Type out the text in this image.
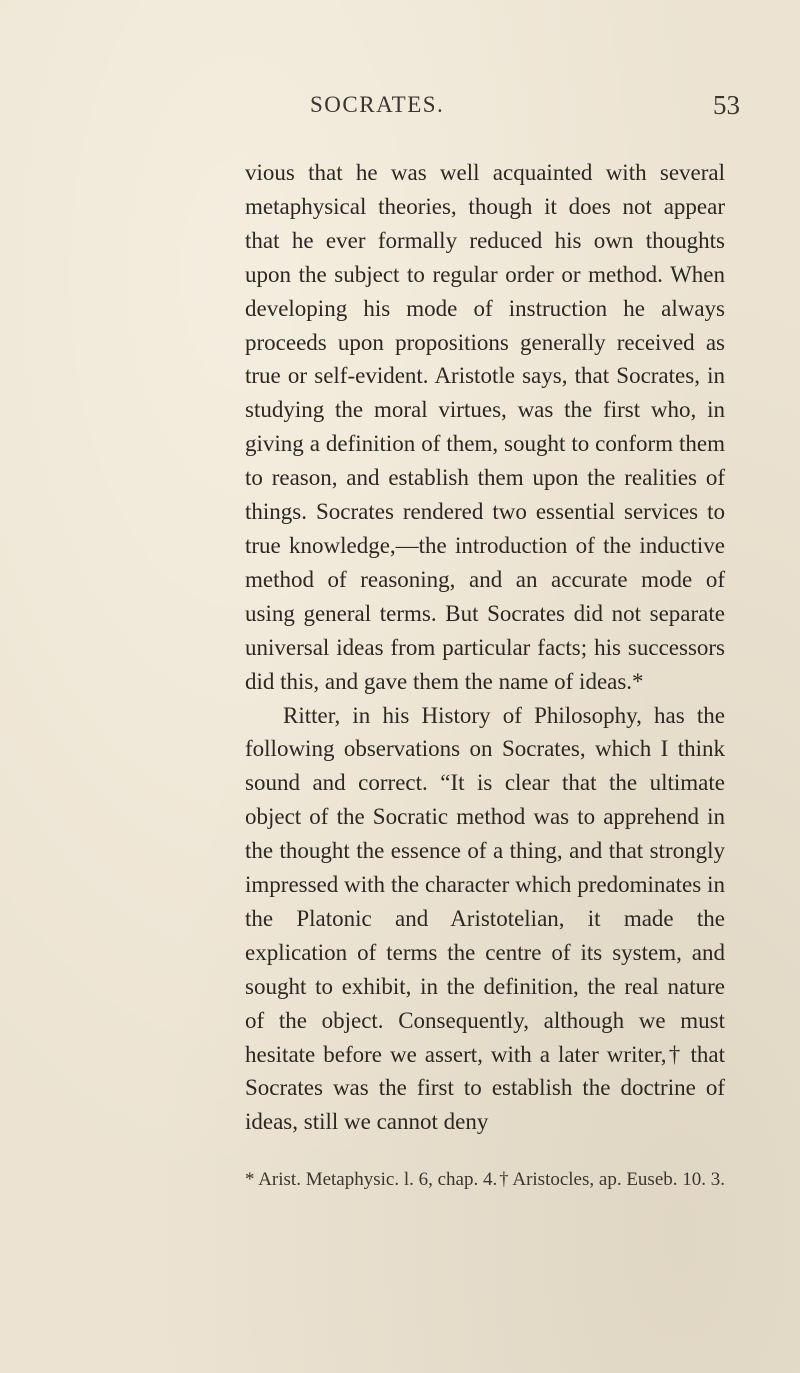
SOCRATES.	53

vious that he was well acquainted with several metaphysical theories, though it does not appear that he ever formally reduced his own thoughts upon the subject to regular order or method. When developing his mode of instruction he always proceeds upon propositions generally received as true or self-evident. Aristotle says, that Socrates, in studying the moral virtues, was the first who, in giving a definition of them, sought to conform them to reason, and establish them upon the realities of things. Socrates rendered two essential services to true knowledge,—the introduction of the inductive method of reasoning, and an accurate mode of using general terms. But Socrates did not separate universal ideas from particular facts; his successors did this, and gave them the name of ideas.*

Ritter, in his History of Philosophy, has the following observations on Socrates, which I think sound and correct. “It is clear that the ultimate object of the Socratic method was to apprehend in the thought the essence of a thing, and that strongly impressed with the character which predominates in the Platonic and Aristotelian, it made the explication of terms the centre of its system, and sought to exhibit, in the definition, the real nature of the object. Consequently, although we must hesitate before we assert, with a later writer,† that Socrates was the first to establish the doctrine of ideas, still we cannot deny

* Arist. Metaphysic. l. 6, chap. 4. † Aristocles, ap. Euseb. 10. 3.
